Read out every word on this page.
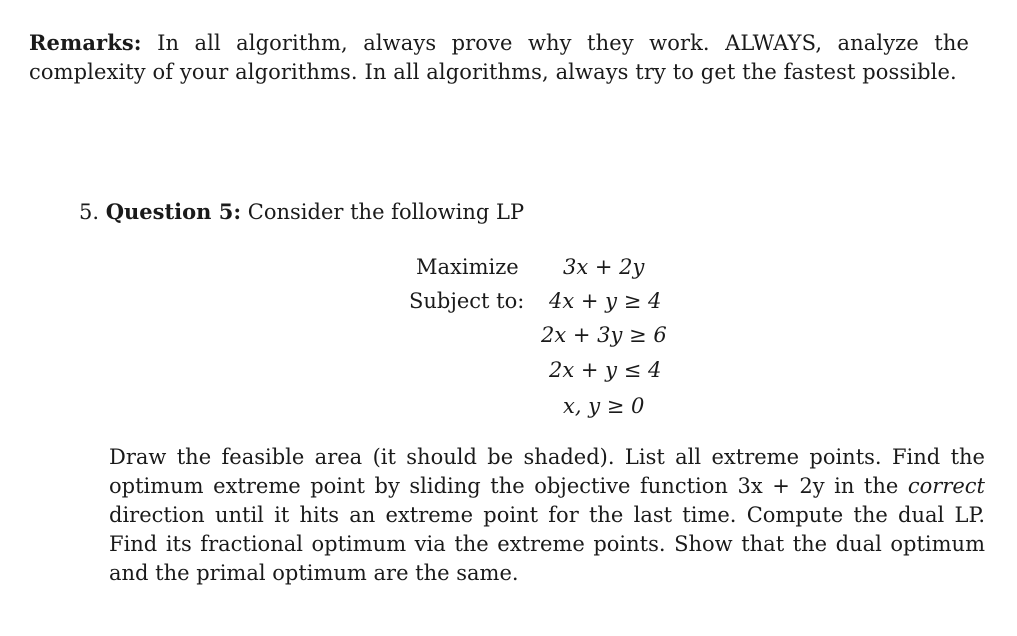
Remarks: In all algorithm, always prove why they work. ALWAYS, analyze the complexity of your algorithms. In all algorithms, always try to get the fastest possible.
5. Question 5: Consider the following LP
Maximize 3x + 2y
Subject to: 4x + y ≥ 4
2x + 3y ≥ 6
2x + y ≤ 4
x, y ≥ 0
Draw the feasible area (it should be shaded). List all extreme points. Find the optimum extreme point by sliding the objective function 3x + 2y in the correct direction until it hits an extreme point for the last time. Compute the dual LP. Find its fractional optimum via the extreme points. Show that the dual optimum and the primal optimum are the same.
